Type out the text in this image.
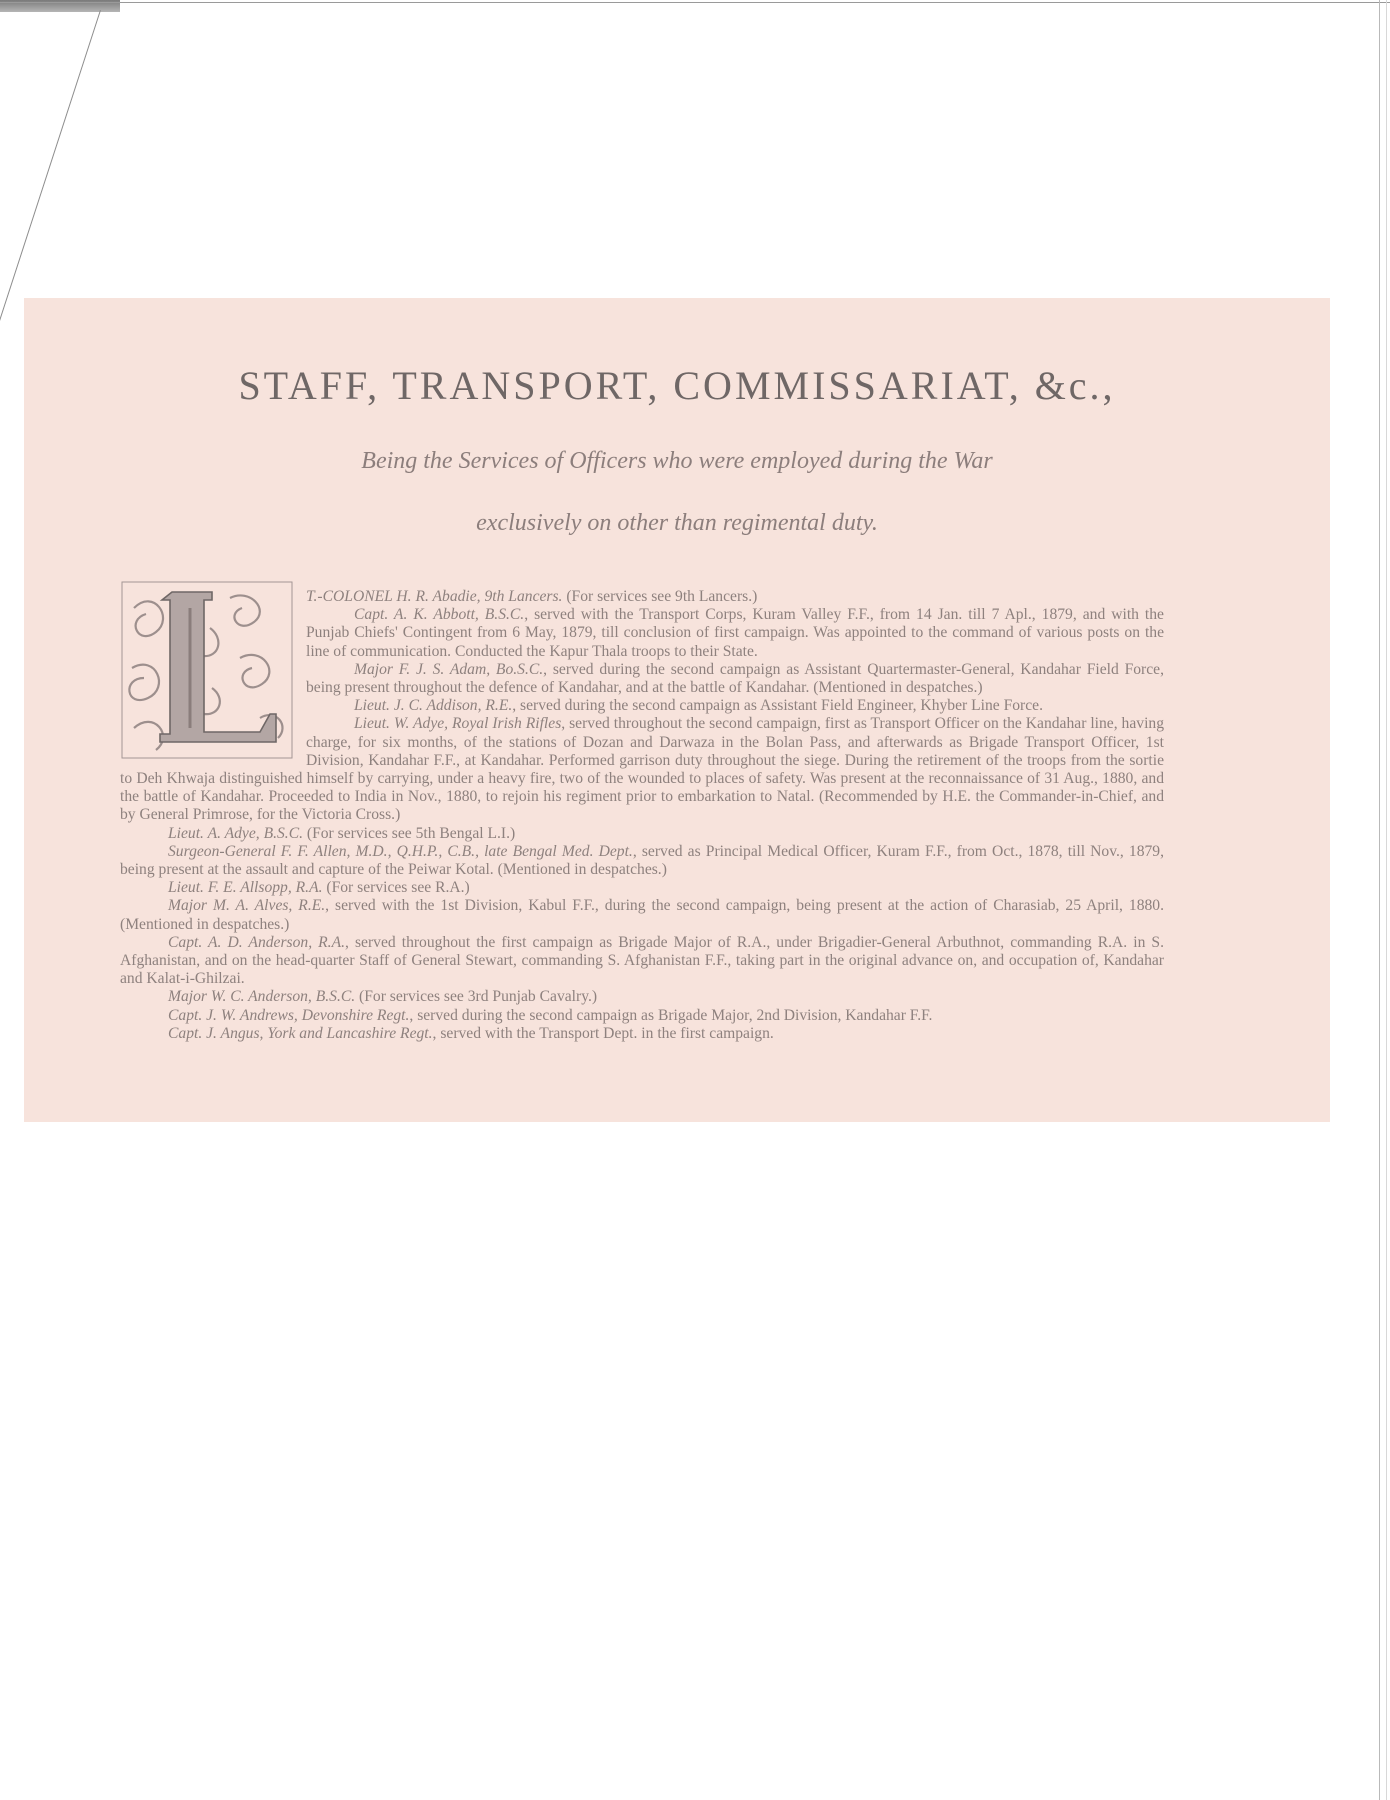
STAFF, TRANSPORT, COMMISSARIAT, &c.,
Being the Services of Officers who were employed during the War
exclusively on other than regimental duty.

T.-COLONEL H. R. Abadie, 9th Lancers. (For services see 9th Lancers.)

Capt. A. K. Abbott, B.S.C., served with the Transport Corps, Kuram Valley F.F., from 14 Jan. till 7 Apl., 1879, and with the Punjab Chiefs' Contingent from 6 May, 1879, till conclusion of first campaign. Was appointed to the command of various posts on the line of communication. Conducted the Kapur Thala troops to their State.

Major F. J. S. Adam, Bo.S.C., served during the second campaign as Assistant Quartermaster-General, Kandahar Field Force, being present throughout the defence of Kandahar, and at the battle of Kandahar. (Mentioned in despatches.)

Lieut. J. C. Addison, R.E., served during the second campaign as Assistant Field Engineer, Khyber Line Force.

Lieut. W. Adye, Royal Irish Rifles, served throughout the second campaign, first as Transport Officer on the Kandahar line, having charge, for six months, of the stations of Dozan and Darwaza in the Bolan Pass, and afterwards as Brigade Transport Officer, 1st Division, Kandahar F.F., at Kandahar. Performed garrison duty throughout the siege. During the retirement of the troops from the sortie to Deh Khwaja distinguished himself by carrying, under a heavy fire, two of the wounded to places of safety. Was present at the reconnaissance of 31 Aug., 1880, and the battle of Kandahar. Proceeded to India in Nov., 1880, to rejoin his regiment prior to embarkation to Natal. (Recommended by H.E. the Commander-in-Chief, and by General Primrose, for the Victoria Cross.)

Lieut. A. Adye, B.S.C. (For services see 5th Bengal L.I.)

Surgeon-General F. F. Allen, M.D., Q.H.P., C.B., late Bengal Med. Dept., served as Principal Medical Officer, Kuram F.F., from Oct., 1878, till Nov., 1879, being present at the assault and capture of the Peiwar Kotal. (Mentioned in despatches.)

Lieut. F. E. Allsopp, R.A. (For services see R.A.)

Major M. A. Alves, R.E., served with the 1st Division, Kabul F.F., during the second campaign, being present at the action of Charasiab, 25 April, 1880. (Mentioned in despatches.)

Capt. A. D. Anderson, R.A., served throughout the first campaign as Brigade Major of R.A., under Brigadier-General Arbuthnot, commanding R.A. in S. Afghanistan, and on the head-quarter Staff of General Stewart, commanding S. Afghanistan F.F., taking part in the original advance on, and occupation of, Kandahar and Kalat-i-Ghilzai.

Major W. C. Anderson, B.S.C. (For services see 3rd Punjab Cavalry.)

Capt. J. W. Andrews, Devonshire Regt., served during the second campaign as Brigade Major, 2nd Division, Kandahar F.F.

Capt. J. Angus, York and Lancashire Regt., served with the Transport Dept. in the first campaign.
